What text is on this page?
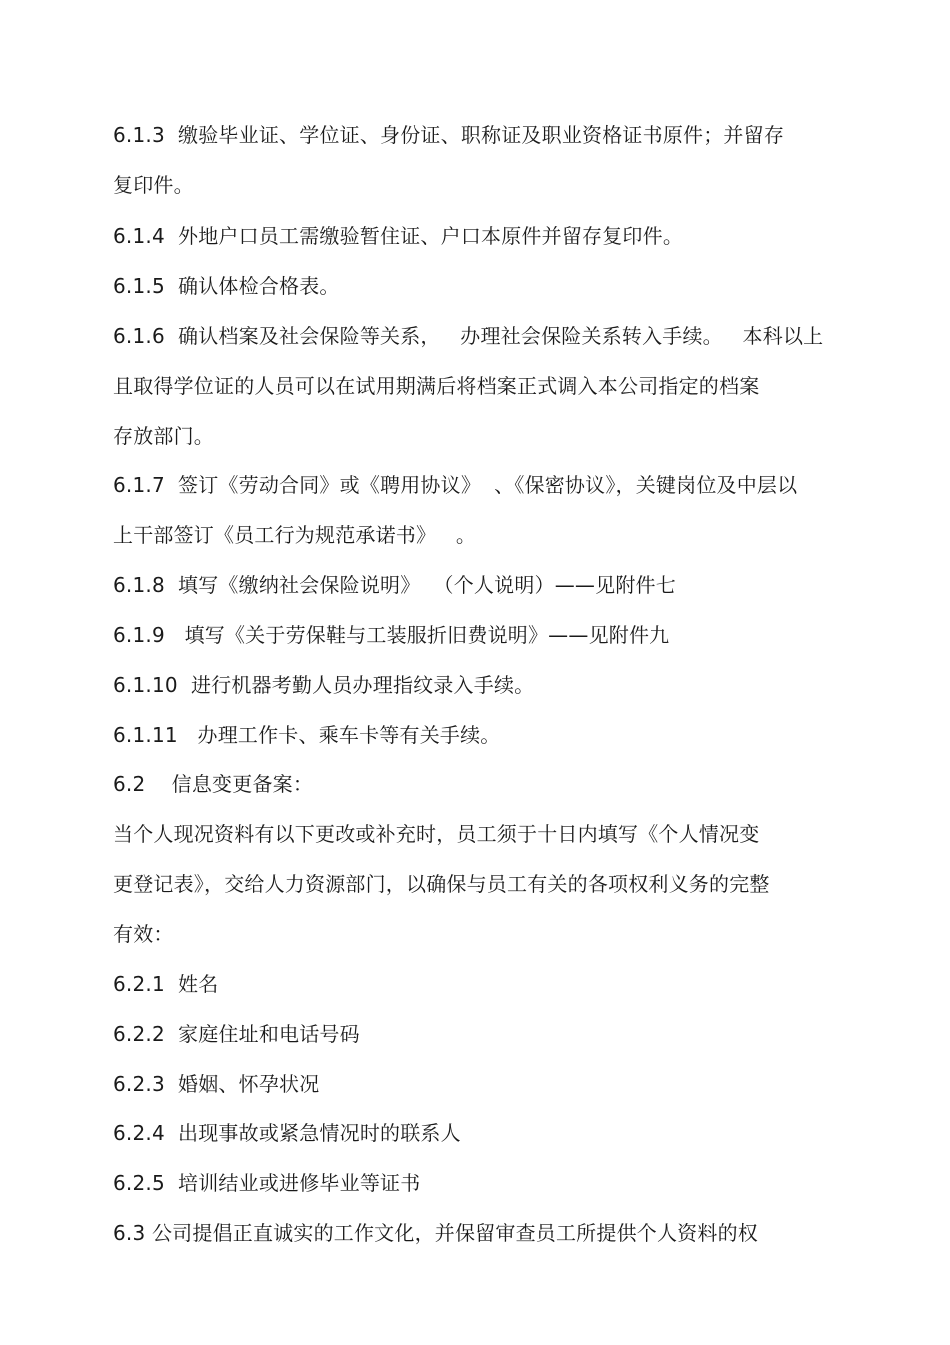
6.1.3 缴验毕业证、学位证、身份证、职称证及职业资格证书原件；并留存
复印件。
6.1.4 外地户口员工需缴验暂住证、户口本原件并留存复印件。
6.1.5 确认体检合格表。
6.1.6 确认档案及社会保险等关系，   办理社会保险关系转入手续。   本科以上
且取得学位证的人员可以在试用期满后将档案正式调入本公司指定的档案
存放部门。
6.1.7 签订《劳动合同》或《聘用协议》  、《保密协议》，关键岗位及中层以
上干部签订《员工行为规范承诺书》   。
6.1.8 填写《缴纳社会保险说明》  （个人说明）——见附件七
6.1.9   填写《关于劳保鞋与工装服折旧费说明》——见附件九
6.1.10 进行机器考勤人员办理指纹录入手续。
6.1.11   办理工作卡、乘车卡等有关手续。
6.2    信息变更备案：
当个人现况资料有以下更改或补充时，员工须于十日内填写《个人情况变
更登记表》，交给人力资源部门，以确保与员工有关的各项权利义务的完整
有效：
6.2.1 姓名
6.2.2 家庭住址和电话号码
6.2.3 婚姻、怀孕状况
6.2.4 出现事故或紧急情况时的联系人
6.2.5 培训结业或进修毕业等证书
6.3 公司提倡正直诚实的工作文化，并保留审查员工所提供个人资料的权
